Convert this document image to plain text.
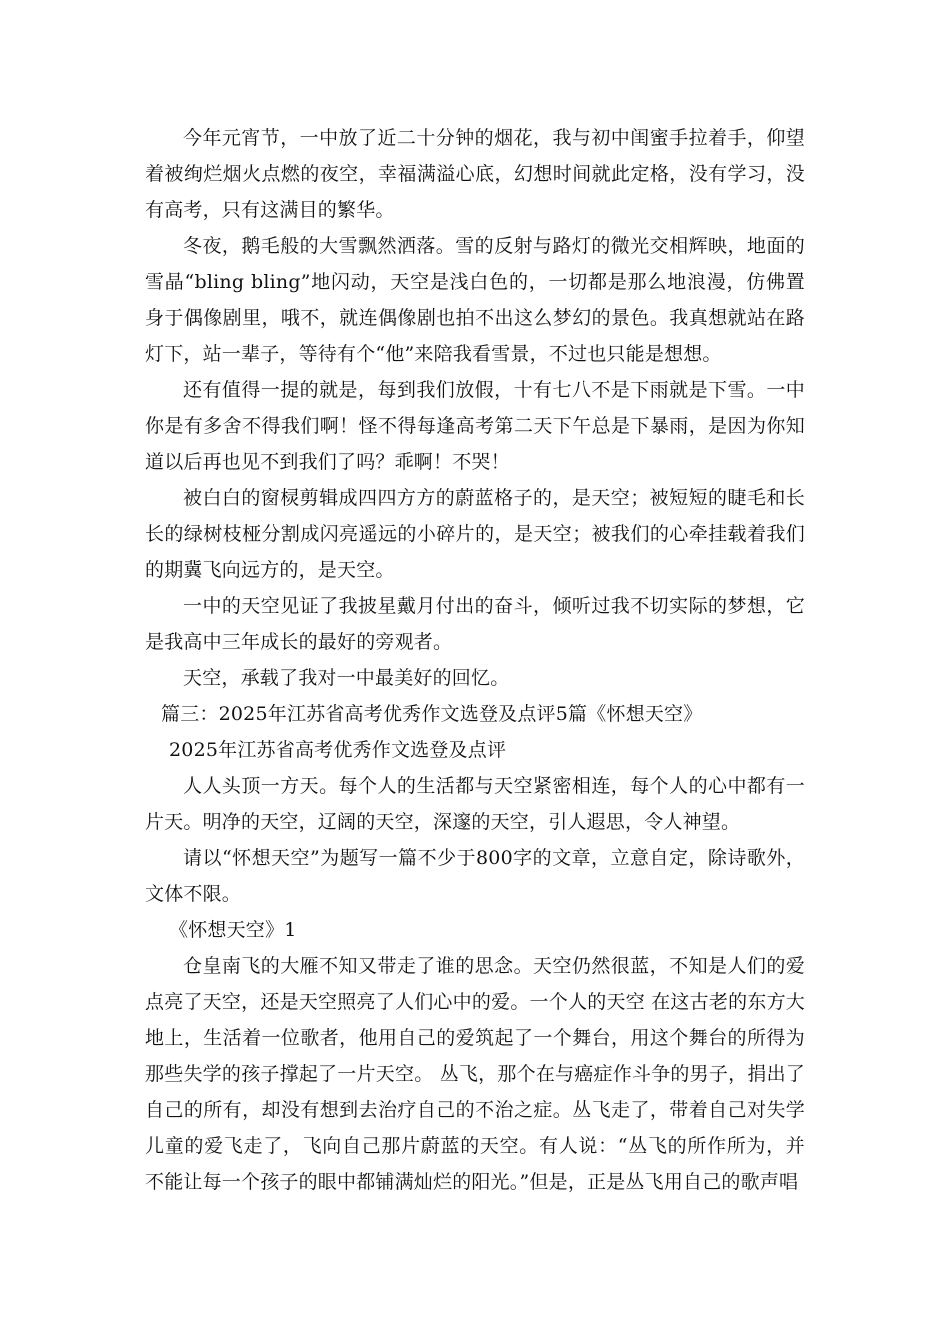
今年元宵节，一中放了近二十分钟的烟花，我与初中闺蜜手拉着手，仰望着被绚烂烟火点燃的夜空，幸福满溢心底，幻想时间就此定格，没有学习，没有高考，只有这满目的繁华。

冬夜，鹅毛般的大雪飘然洒落。雪的反射与路灯的微光交相辉映，地面的雪晶“bling bling”地闪动，天空是浅白色的，一切都是那么地浪漫，仿佛置身于偶像剧里，哦不，就连偶像剧也拍不出这么梦幻的景色。我真想就站在路灯下，站一辈子，等待有个“他”来陪我看雪景，不过也只能是想想。

还有值得一提的就是，每到我们放假，十有七八不是下雨就是下雪。一中你是有多舍不得我们啊！怪不得每逢高考第二天下午总是下暴雨，是因为你知道以后再也见不到我们了吗？乖啊！不哭！

被白白的窗棂剪辑成四四方方的蔚蓝格子的，是天空；被短短的睫毛和长长的绿树枝桠分割成闪亮遥远的小碎片的，是天空；被我们的心牵挂载着我们的期冀飞向远方的，是天空。

一中的天空见证了我披星戴月付出的奋斗，倾听过我不切实际的梦想，它是我高中三年成长的最好的旁观者。

天空，承载了我对一中最美好的回忆。

篇三：2025年江苏省高考优秀作文选登及点评5篇《怀想天空》

2025年江苏省高考优秀作文选登及点评

人人头顶一方天。每个人的生活都与天空紧密相连，每个人的心中都有一片天。明净的天空，辽阔的天空，深邃的天空，引人遐思，令人神望。

请以“怀想天空”为题写一篇不少于800字的文章，立意自定，除诗歌外，文体不限。

《怀想天空》1

仓皇南飞的大雁不知又带走了谁的思念。天空仍然很蓝，不知是人们的爱点亮了天空，还是天空照亮了人们心中的爱。一个人的天空 在这古老的东方大地上，生活着一位歌者，他用自己的爱筑起了一个舞台，用这个舞台的所得为那些失学的孩子撑起了一片天空。 丛飞，那个在与癌症作斗争的男子，捐出了自己的所有，却没有想到去治疗自己的不治之症。丛飞走了，带着自己对失学儿童的爱飞走了，飞向自己那片蔚蓝的天空。有人说：“丛飞的所作所为，并不能让每一个孩子的眼中都铺满灿烂的阳光。”但是，正是丛飞用自己的歌声唱
